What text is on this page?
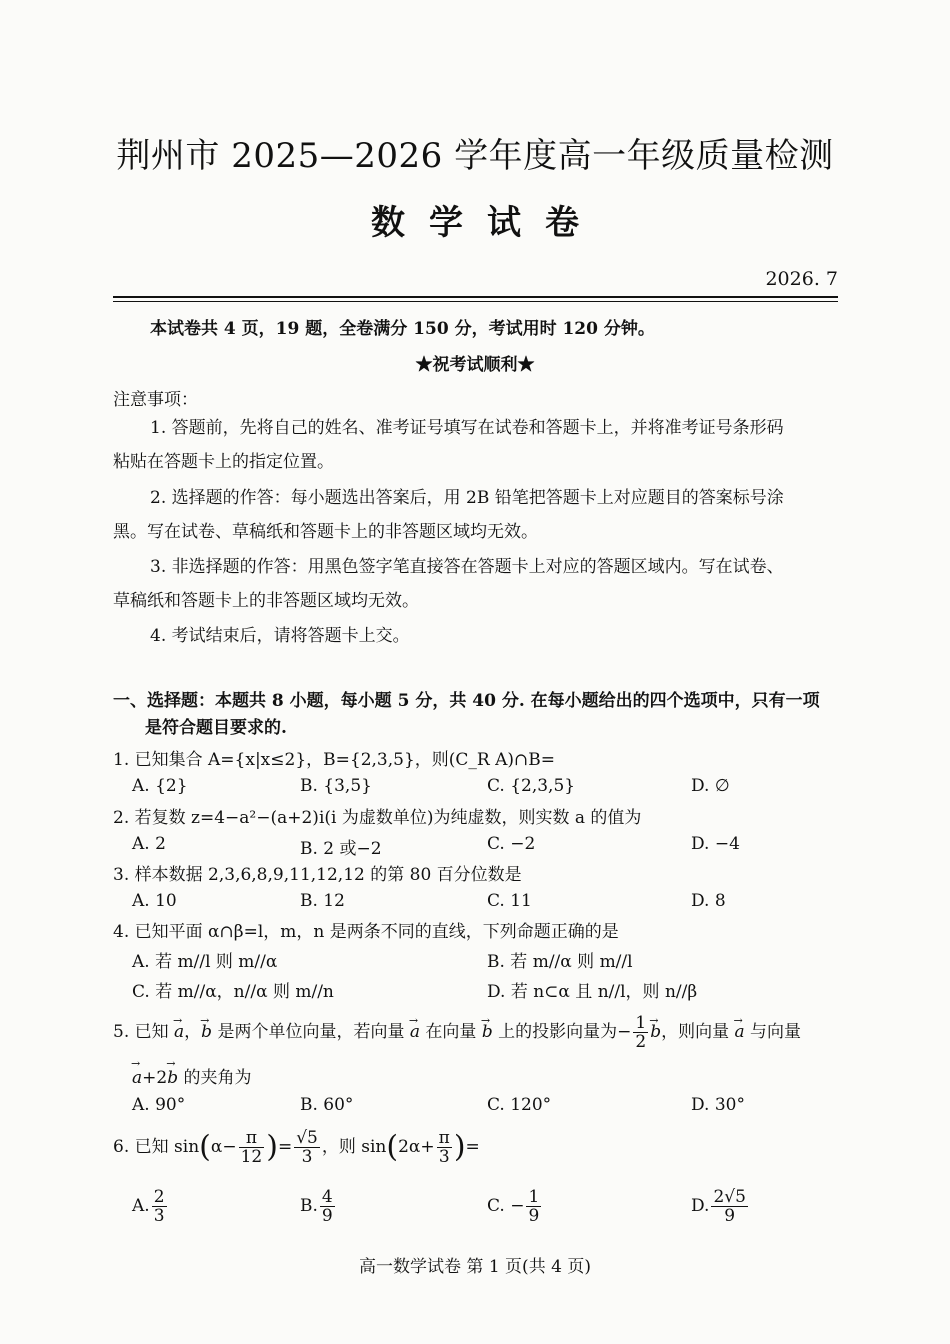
荆州市 2025—2026 学年度高一年级质量检测
数学试卷
2026. 7
本试卷共 4 页，19 题，全卷满分 150 分，考试用时 120 分钟。
★祝考试顺利★
注意事项：
1. 答题前，先将自己的姓名、准考证号填写在试卷和答题卡上，并将准考证号条形码
粘贴在答题卡上的指定位置。
2. 选择题的作答：每小题选出答案后，用 2B 铅笔把答题卡上对应题目的答案标号涂
黑。写在试卷、草稿纸和答题卡上的非答题区域均无效。
3. 非选择题的作答：用黑色签字笔直接答在答题卡上对应的答题区域内。写在试卷、
草稿纸和答题卡上的非答题区域均无效。
4. 考试结束后，请将答题卡上交。
一、选择题：本题共 8 小题，每小题 5 分，共 40 分. 在每小题给出的四个选项中，只有一项
是符合题目要求的.
1. 已知集合 A={x|x≤2}，B={2,3,5}，则(C_R A)∩B=
A. {2}	B. {3,5}	C. {2,3,5}	D. ∅
2. 若复数 z=4−a²−(a+2)i(i 为虚数单位)为纯虚数，则实数 a 的值为
A. 2	B. 2 或−2	C. −2	D. −4
3. 样本数据 2,3,6,8,9,11,12,12 的第 80 百分位数是
A. 10	B. 12	C. 11	D. 8
4. 已知平面 α∩β=l，m，n 是两条不同的直线，下列命题正确的是
A. 若 m//l 则 m//α	B. 若 m//α 则 m//l
C. 若 m//α，n//α 则 m//n	D. 若 n⊂α 且 n//l，则 n//β
5. 已知 → a，→ b 是两个单位向量，若向量 → a 在向量 → b 上的投影向量为− $\frac{1}{2}$
→ b，则向量 → a 与向量
→ a+2→ b 的夹角为
A. 90°	B. 60°	C. 120°	D. 30°
6. 已知 $\sin(\alpha- \frac{\pi}{12}$ )= $\frac{√5}{3}$ ，则 $\sin(2\alpha+ \frac{\pi}{3}$ )=
A. $\frac{2}{3}$	B. $\frac{4}{9}$	C. − $\frac{1}{9}$	D. $\frac{2√5}{9}$
高一数学试卷 第 1 页(共 4 页)
